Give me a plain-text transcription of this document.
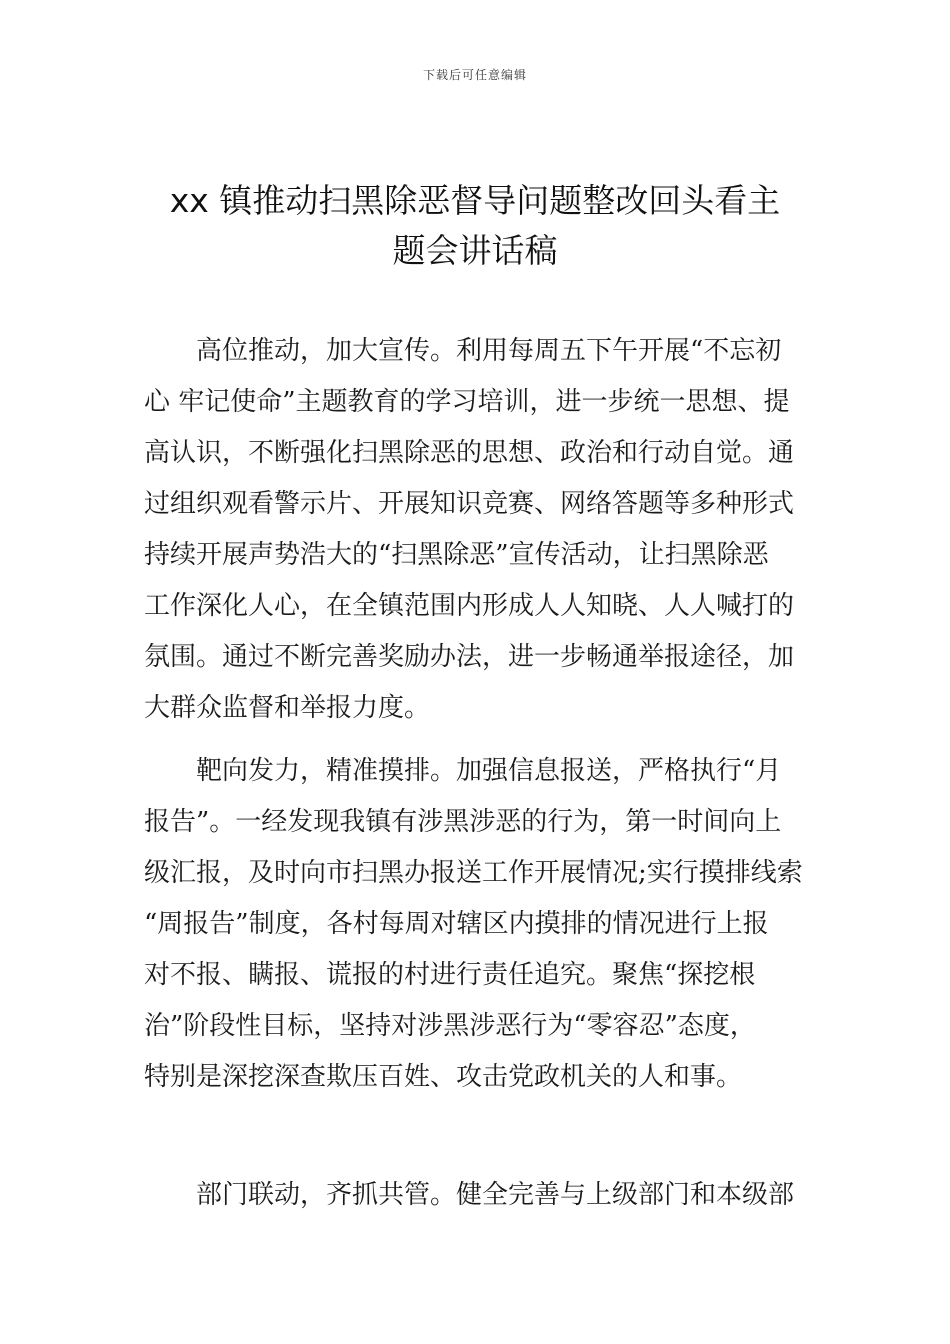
下载后可任意编辑
xx 镇推动扫黑除恶督导问题整改回头看主
题会讲话稿
　　高位推动，加大宣传。利用每周五下午开展“不忘初
心 牢记使命”主题教育的学习培训，进一步统一思想、提
高认识，不断强化扫黑除恶的思想、政治和行动自觉。通
过组织观看警示片、开展知识竞赛、网络答题等多种形式
持续开展声势浩大的“扫黑除恶”宣传活动，让扫黑除恶
工作深化人心，在全镇范围内形成人人知晓、人人喊打的
氛围。通过不断完善奖励办法，进一步畅通举报途径，加
大群众监督和举报力度。
　　靶向发力，精准摸排。加强信息报送，严格执行“月
报告”。一经发现我镇有涉黑涉恶的行为，第一时间向上
级汇报，及时向市扫黑办报送工作开展情况;实行摸排线索
“周报告”制度，各村每周对辖区内摸排的情况进行上报
对不报、瞒报、谎报的村进行责任追究。聚焦“探挖根
治”阶段性目标，坚持对涉黑涉恶行为“零容忍”态度，
特别是深挖深查欺压百姓、攻击党政机关的人和事。
　　部门联动，齐抓共管。健全完善与上级部门和本级部
